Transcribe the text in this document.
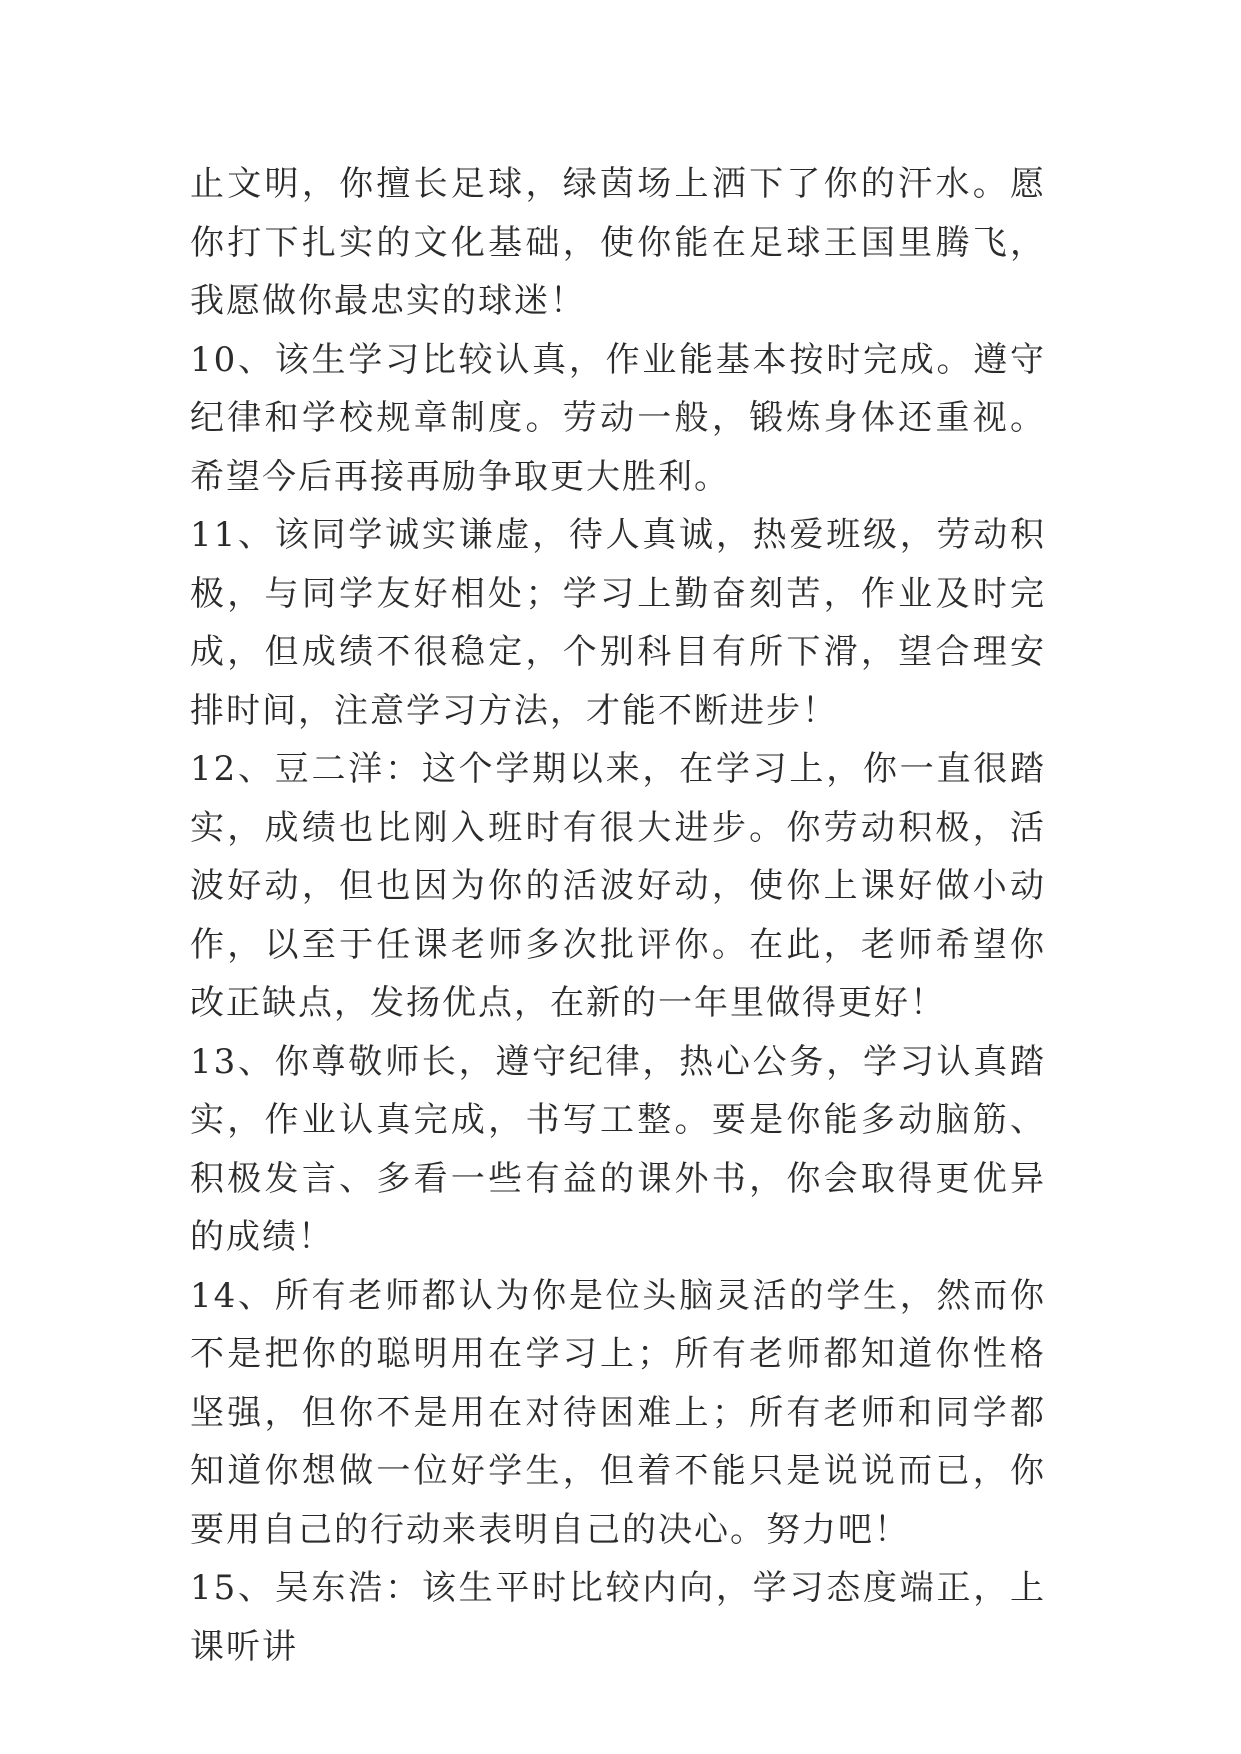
止文明，你擅长足球，绿茵场上洒下了你的汗水。愿你打下扎实的文化基础，使你能在足球王国里腾飞，我愿做你最忠实的球迷！

10、该生学习比较认真，作业能基本按时完成。遵守纪律和学校规章制度。劳动一般，锻炼身体还重视。希望今后再接再励争取更大胜利。

11、该同学诚实谦虚，待人真诚，热爱班级，劳动积极，与同学友好相处；学习上勤奋刻苦，作业及时完成，但成绩不很稳定，个别科目有所下滑，望合理安排时间，注意学习方法，才能不断进步！

12、豆二洋：这个学期以来，在学习上，你一直很踏实，成绩也比刚入班时有很大进步。你劳动积极，活波好动，但也因为你的活波好动，使你上课好做小动作，以至于任课老师多次批评你。在此，老师希望你改正缺点，发扬优点，在新的一年里做得更好！

13、你尊敬师长，遵守纪律，热心公务，学习认真踏实，作业认真完成，书写工整。要是你能多动脑筋、积极发言、多看一些有益的课外书，你会取得更优异的成绩！

14、所有老师都认为你是位头脑灵活的学生，然而你不是把你的聪明用在学习上；所有老师都知道你性格坚强，但你不是用在对待困难上；所有老师和同学都知道你想做一位好学生，但着不能只是说说而已，你要用自己的行动来表明自己的决心。努力吧！

15、吴东浩：该生平时比较内向，学习态度端正，上课听讲
